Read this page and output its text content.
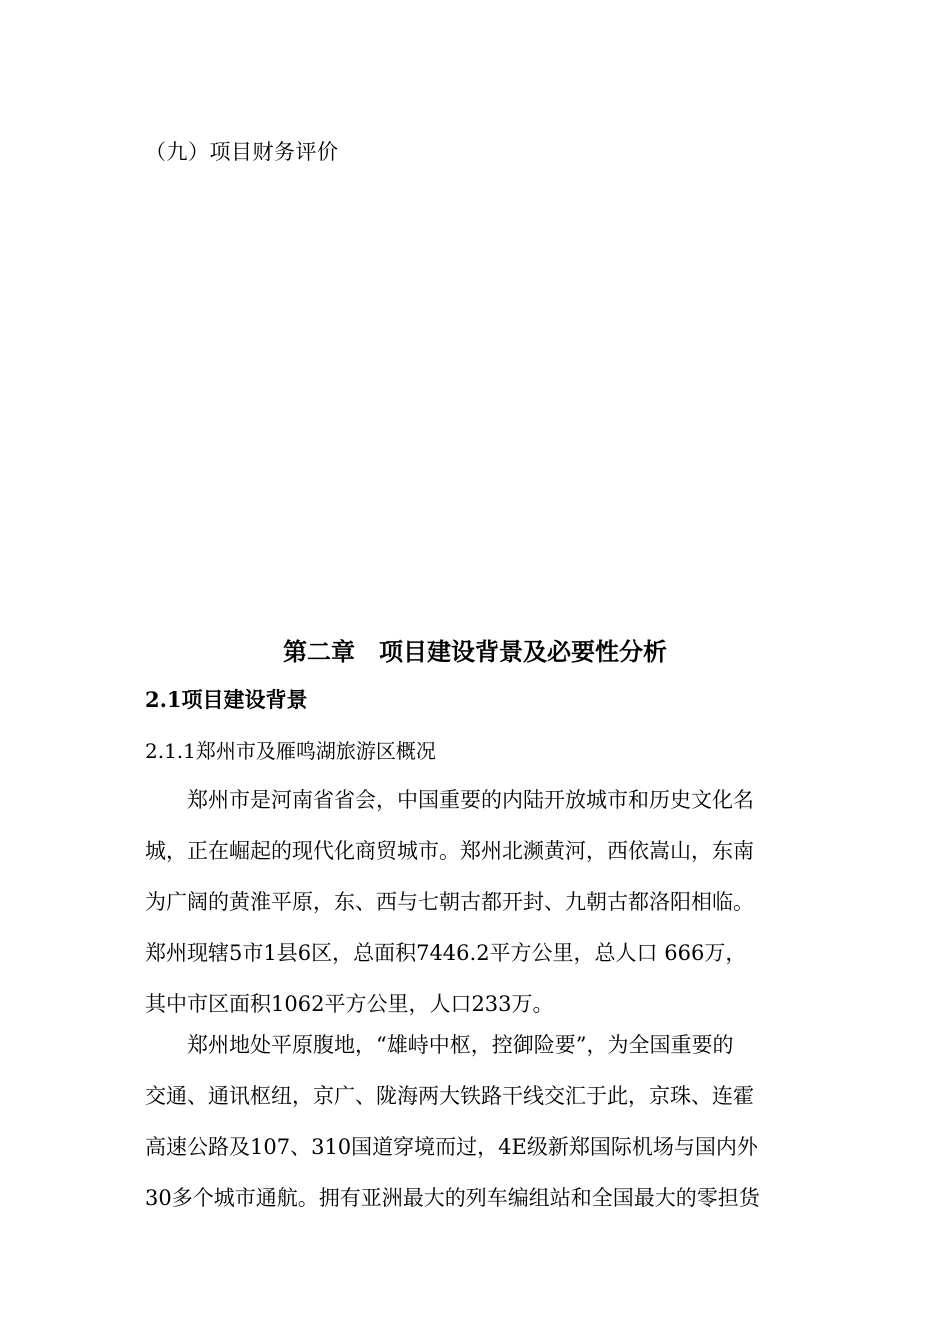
（九）项目财务评价
第二章　项目建设背景及必要性分析
2.1项目建设背景
2.1.1郑州市及雁鸣湖旅游区概况
　　郑州市是河南省省会，中国重要的内陆开放城市和历史文化名
城，正在崛起的现代化商贸城市。郑州北濒黄河，西依嵩山，东南
为广阔的黄淮平原，东、西与七朝古都开封、九朝古都洛阳相临。
郑州现辖5市1县6区，总面积7446.2平方公里，总人口 666万，
其中市区面积1062平方公里，人口233万。
　　郑州地处平原腹地，“雄峙中枢，控御险要”，为全国重要的
交通、通讯枢纽，京广、陇海两大铁路干线交汇于此，京珠、连霍
高速公路及107、310国道穿境而过，4E级新郑国际机场与国内外
30多个城市通航。拥有亚洲最大的列车编组站和全国最大的零担货
